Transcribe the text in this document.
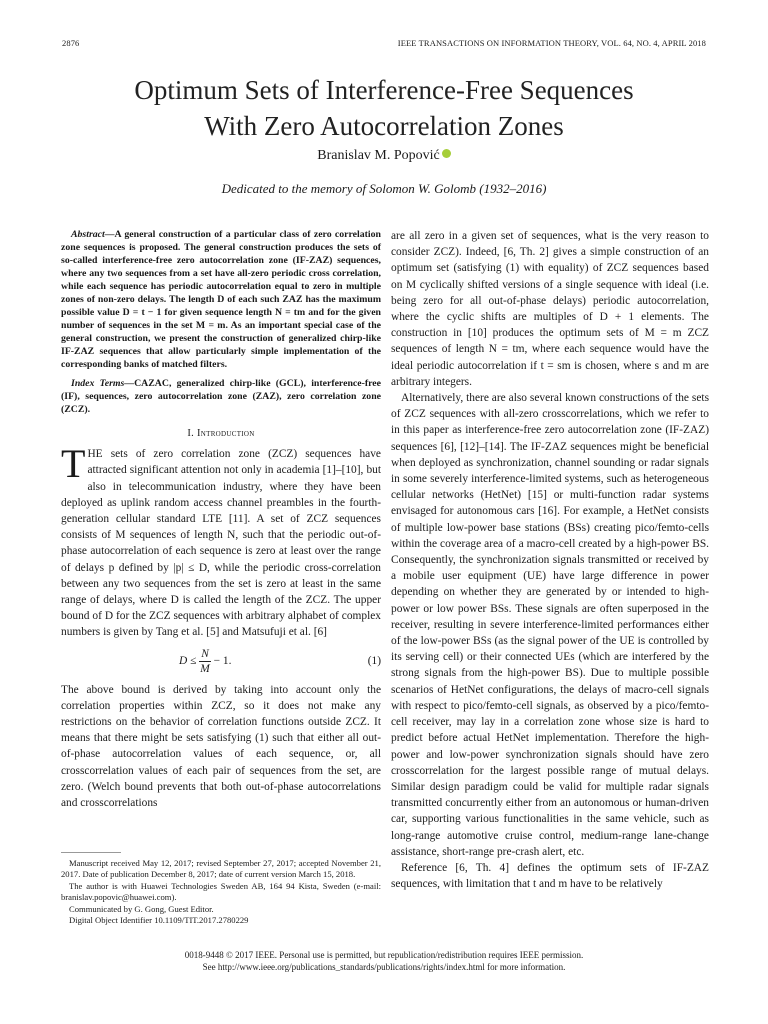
2876	IEEE TRANSACTIONS ON INFORMATION THEORY, VOL. 64, NO. 4, APRIL 2018
Optimum Sets of Interference-Free Sequences
With Zero Autocorrelation Zones
Branislav M. Popović
Dedicated to the memory of Solomon W. Golomb (1932–2016)

Abstract—A general construction of a particular class of zero correlation zone sequences is proposed. The general construction produces the sets of so-called interference-free zero autocorrelation zone (IF-ZAZ) sequences, where any two sequences from a set have all-zero periodic cross correlation, while each sequence has periodic autocorrelation equal to zero in multiple zones of non-zero delays. The length D of each such ZAZ has the maximum possible value D = t − 1 for given sequence length N = tm and for the given number of sequences in the set M = m. As an important special case of the general construction, we present the construction of generalized chirp-like IF-ZAZ sequences that allow particularly simple implementation of the corresponding banks of matched filters.

Index Terms—CAZAC, generalized chirp-like (GCL), interference-free (IF), sequences, zero autocorrelation zone (ZAZ), zero correlation zone (ZCZ).

I. Introduction

THE sets of zero correlation zone (ZCZ) sequences have attracted significant attention not only in academia [1]–[10], but also in telecommunication industry, where they have been deployed as uplink random access channel preambles in the fourth-generation cellular standard LTE [11]. A set of ZCZ sequences consists of M sequences of length N, such that the periodic out-of-phase autocorrelation of each sequence is zero at least over the range of delays p defined by |p| ≤ D, while the periodic cross-correlation between any two sequences from the set is zero at least in the same range of delays, where D is called the length of the ZCZ. The upper bound of D for the ZCZ sequences with arbitrary alphabet of complex numbers is given by Tang et al. [5] and Matsufuji et al. [6]

$D \le \frac{N}{M} - 1$.	(1)

The above bound is derived by taking into account only the correlation properties within ZCZ, so it does not make any restrictions on the behavior of correlation functions outside ZCZ. It means that there might be sets satisfying (1) such that either all out-of-phase autocorrelation values of each sequence, or, all crosscorrelation values of each pair of sequences from the set, are zero. (Welch bound prevents that both out-of-phase autocorrelations and crosscorrelations

Manuscript received May 12, 2017; revised September 27, 2017; accepted November 21, 2017. Date of publication December 8, 2017; date of current version March 15, 2018.

The author is with Huawei Technologies Sweden AB, 164 94 Kista, Sweden (e-mail: branislav.popovic@huawei.com).

Communicated by G. Gong, Guest Editor.

Digital Object Identifier 10.1109/TIT.2017.2780229

are all zero in a given set of sequences, what is the very reason to consider ZCZ). Indeed, [6, Th. 2] gives a simple construction of an optimum set (satisfying (1) with equality) of ZCZ sequences based on M cyclically shifted versions of a single sequence with ideal (i.e. being zero for all out-of-phase delays) periodic autocorrelation, where the cyclic shifts are multiples of D + 1 elements. The construction in [10] produces the optimum sets of M = m ZCZ sequences of length N = tm, where each sequence would have the ideal periodic autocorrelation if t = sm is chosen, where s and m are arbitrary integers.

Alternatively, there are also several known constructions of the sets of ZCZ sequences with all-zero crosscorrelations, which we refer to in this paper as interference-free zero autocorrelation zone (IF-ZAZ) sequences [6], [12]–[14]. The IF-ZAZ sequences might be beneficial when deployed as synchronization, channel sounding or radar signals in some severely interference-limited systems, such as heterogeneous cellular networks (HetNet) [15] or multi-function radar systems envisaged for autonomous cars [16]. For example, a HetNet consists of multiple low-power base stations (BSs) creating pico/femto-cells within the coverage area of a macro-cell created by a high-power BS. Consequently, the synchronization signals transmitted or received by a mobile user equipment (UE) have large difference in power depending on whether they are generated by or intended to high-power or low power BSs. These signals are often superposed in the receiver, resulting in severe interference-limited performances either of the low-power BSs (as the signal power of the UE is controlled by its serving cell) or their connected UEs (which are interfered by the strong signals from the high-power BS). Due to multiple possible scenarios of HetNet configurations, the delays of macro-cell signals with respect to pico/femto-cell signals, as observed by a pico/femto-cell receiver, may lay in a correlation zone whose size is hard to predict before actual HetNet implementation. Therefore the high-power and low-power synchronization signals should have zero crosscorrelation for the largest possible range of mutual delays. Similar design paradigm could be valid for multiple radar signals transmitted concurrently either from an autonomous or human-driven car, supporting various functionalities in the same vehicle, such as long-range automotive cruise control, medium-range lane-change assistance, short-range pre-crash alert, etc.

Reference [6, Th. 4] defines the optimum sets of IF-ZAZ sequences, with limitation that t and m have to be relatively

0018-9448 © 2017 IEEE. Personal use is permitted, but republication/redistribution requires IEEE permission.
See http://www.ieee.org/publications_standards/publications/rights/index.html for more information.
